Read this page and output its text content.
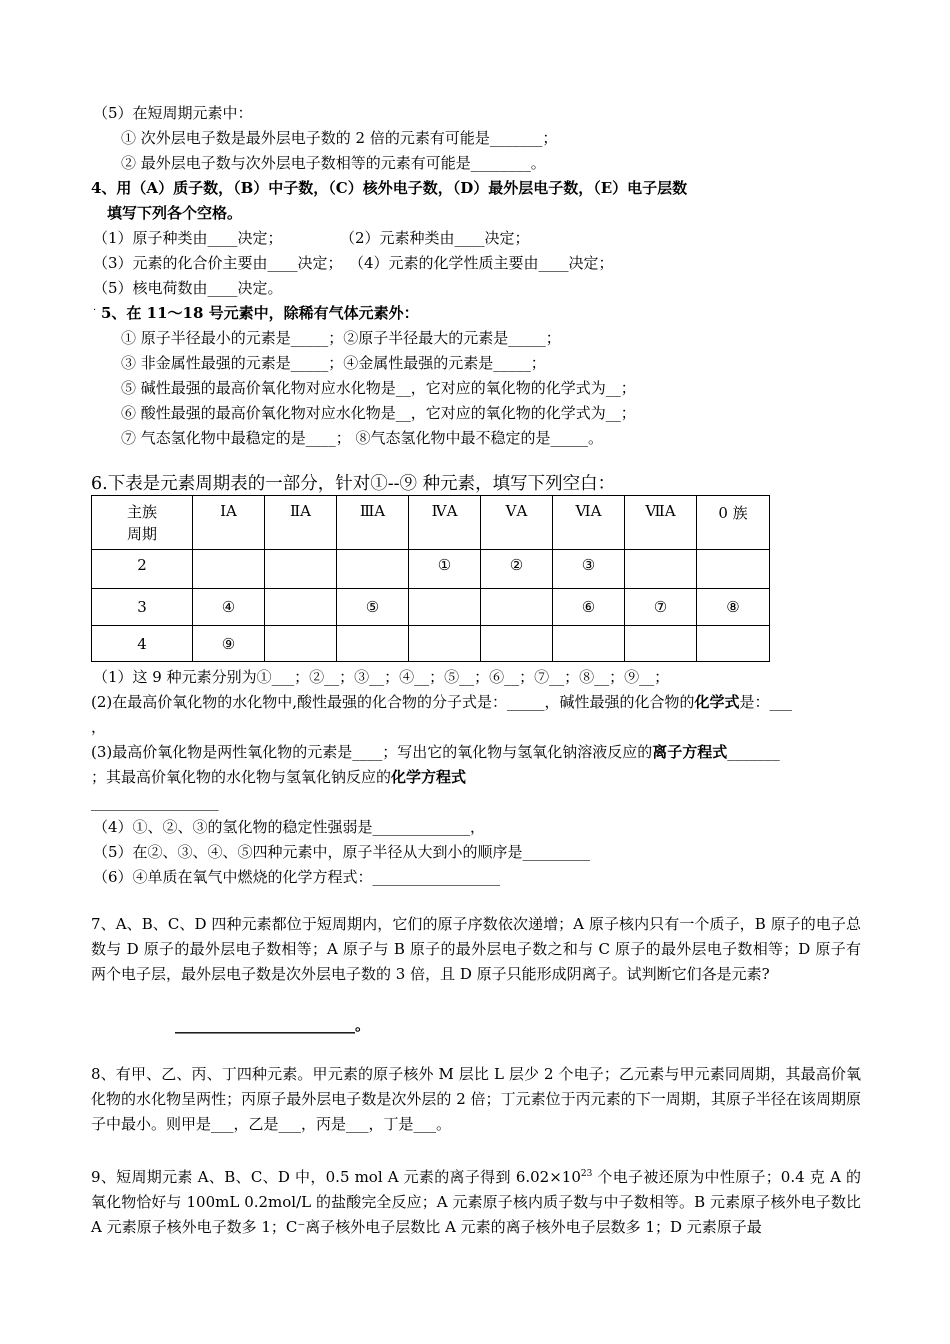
（5）在短周期元素中：
① 次外层电子数是最外层电子数的 2 倍的元素有可能是_______；
② 最外层电子数与次外层电子数相等的元素有可能是________。
4、用（A）质子数，（B）中子数，（C）核外电子数，（D）最外层电子数，（E）电子层数
填写下列各个空格。
（1）原子种类由____决定；	（2）元素种类由____决定；
（3）元素的化合价主要由____决定； （4）元素的化学性质主要由____决定；
（5）核电荷数由____决定。
· 5、在 11～18 号元素中，除稀有气体元素外：
① 原子半径最小的元素是_____；②原子半径最大的元素是_____；
③ 非金属性最强的元素是_____；④金属性最强的元素是_____；
⑤ 碱性最强的最高价氧化物对应水化物是__，它对应的氧化物的化学式为__；
⑥ 酸性最强的最高价氧化物对应水化物是__，它对应的氧化物的化学式为__；
⑦ 气态氢化物中最稳定的是____； ⑧气态氢化物中最不稳定的是_____。
6.下表是元素周期表的一部分，针对①--⑨ 种元素，填写下列空白：
主族
周期	ⅠA	ⅡA	ⅢA	ⅣA	ⅤA	ⅥA	ⅦA	0 族
2				①	②	③		
3	④		⑤			⑥	⑦	⑧
4	⑨							
（1）这 9 种元素分别为①___；②__；③__；④__；⑤__；⑥__；⑦__；⑧__；⑨__；
(2)在最高价氧化物的水化物中,酸性最强的化合物的分子式是：_____，碱性最强的化合物的化学式是：___
，
(3)最高价氧化物是两性氧化物的元素是____；写出它的氧化物与氢氧化钠溶液反应的离子方程式_______
；其最高价氧化物的水化物与氢氧化钠反应的化学方程式
_________________
（4）①、②、③的氢化物的稳定性强弱是_____________，
（5）在②、③、④、⑤四种元素中，原子半径从大到小的顺序是_________
（6）④单质在氧气中燃烧的化学方程式：_________________
7、A、B、C、D 四种元素都位于短周期内，它们的原子序数依次递增；A 原子核内只有一个质子，B 原子的电子总数与 D 原子的最外层电子数相等；A 原子与 B 原子的最外层电子数之和与 C 原子的最外层电子数相等；D 原子有两个电子层，最外层电子数是次外层电子数的 3 倍，且 D 原子只能形成阴离子。试判断它们各是元素?
________________________。
8、有甲、乙、丙、丁四种元素。甲元素的原子核外 M 层比 L 层少 2 个电子；乙元素与甲元素同周期，其最高价氧化物的水化物呈两性；丙原子最外层电子数是次外层的 2 倍；丁元素位于丙元素的下一周期，其原子半径在该周期原子中最小。则甲是___，乙是___，丙是___，丁是___。
9、短周期元素 A、B、C、D 中，0.5 mol A 元素的离子得到 $6.02\times 10^{23}$ 个电子被还原为中性原子；0.4 克 A 的氧化物恰好与 100mL 0.2mol/L 的盐酸完全反应；A 元素原子核内质子数与中子数相等。B 元素原子核外电子数比 A 元素原子核外电子数多 1；C⁻离子核外电子层数比 A 元素的离子核外电子层数多 1；D 元素原子最
